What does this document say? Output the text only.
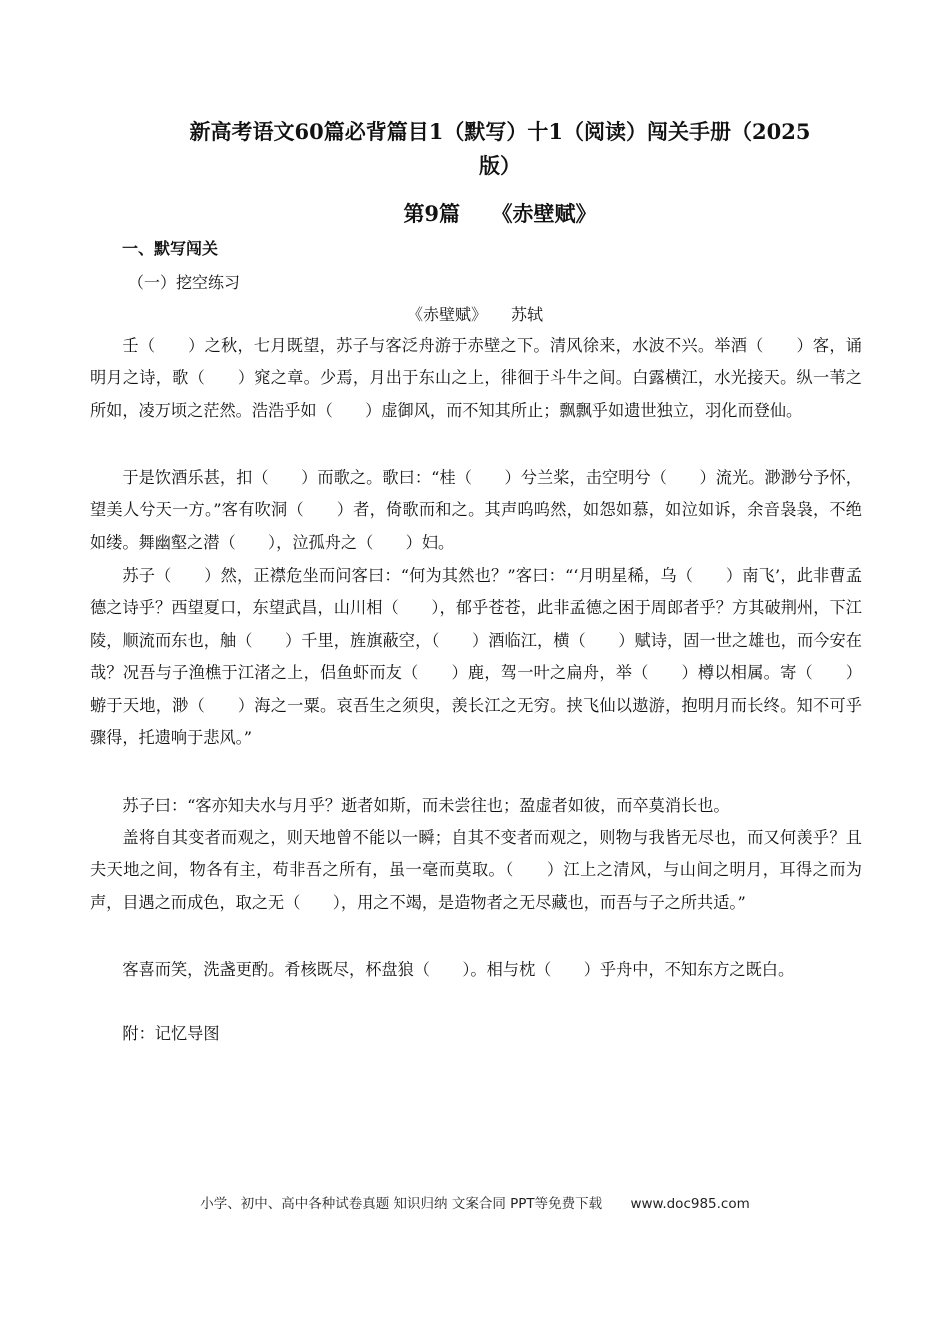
新高考语文60篇必背篇目1（默写）十1（阅读）闯关手册（2025
版）
第9篇　　《赤壁赋》
一、默写闯关
（一）挖空练习
《赤壁赋》　　苏轼

壬（　　）之秋，七月既望，苏子与客泛舟游于赤壁之下。清风徐来，水波不兴。举酒（　　）客，诵明月之诗，歌（　　）窕之章。少焉，月出于东山之上，徘徊于斗牛之间。白露横江，水光接天。纵一苇之所如，凌万顷之茫然。浩浩乎如（　　）虚御风，而不知其所止；飘飘乎如遗世独立，羽化而登仙。

于是饮酒乐甚，扣（　　）而歌之。歌曰：“桂（　　）兮兰桨，击空明兮（　　）流光。渺渺兮予怀，望美人兮天一方。”客有吹洞（　　）者，倚歌而和之。其声呜呜然，如怨如慕，如泣如诉，余音袅袅，不绝如缕。舞幽壑之潜（　　），泣孤舟之（　　）妇。

苏子（　　）然，正襟危坐而问客曰：“何为其然也？”客曰：“‘月明星稀，乌（　　）南飞’，此非曹孟德之诗乎？西望夏口，东望武昌，山川相（　　），郁乎苍苍，此非孟德之困于周郎者乎？方其破荆州，下江陵，顺流而东也，舳（　　）千里，旌旗蔽空，（　　）酒临江，横（　　）赋诗，固一世之雄也，而今安在哉？况吾与子渔樵于江渚之上，侣鱼虾而友（　　）鹿，驾一叶之扁舟，举（　　）樽以相属。寄（　　）蝣于天地，渺（　　）海之一粟。哀吾生之须臾，羡长江之无穷。挟飞仙以遨游，抱明月而长终。知不可乎骤得，托遗响于悲风。”

苏子曰：“客亦知夫水与月乎？逝者如斯，而未尝往也；盈虚者如彼，而卒莫消长也。

盖将自其变者而观之，则天地曾不能以一瞬；自其不变者而观之，则物与我皆无尽也，而又何羡乎？且夫天地之间，物各有主，苟非吾之所有，虽一毫而莫取。（　　）江上之清风，与山间之明月，耳得之而为声，目遇之而成色，取之无（　　），用之不竭，是造物者之无尽藏也，而吾与子之所共适。”

客喜而笑，洗盏更酌。肴核既尽，杯盘狼（　　）。相与枕（　　）乎舟中，不知东方之既白。

附：记忆导图

小学、初中、高中各种试卷真题 知识归纳 文案合同 PPT等免费下载 www.doc985.com
